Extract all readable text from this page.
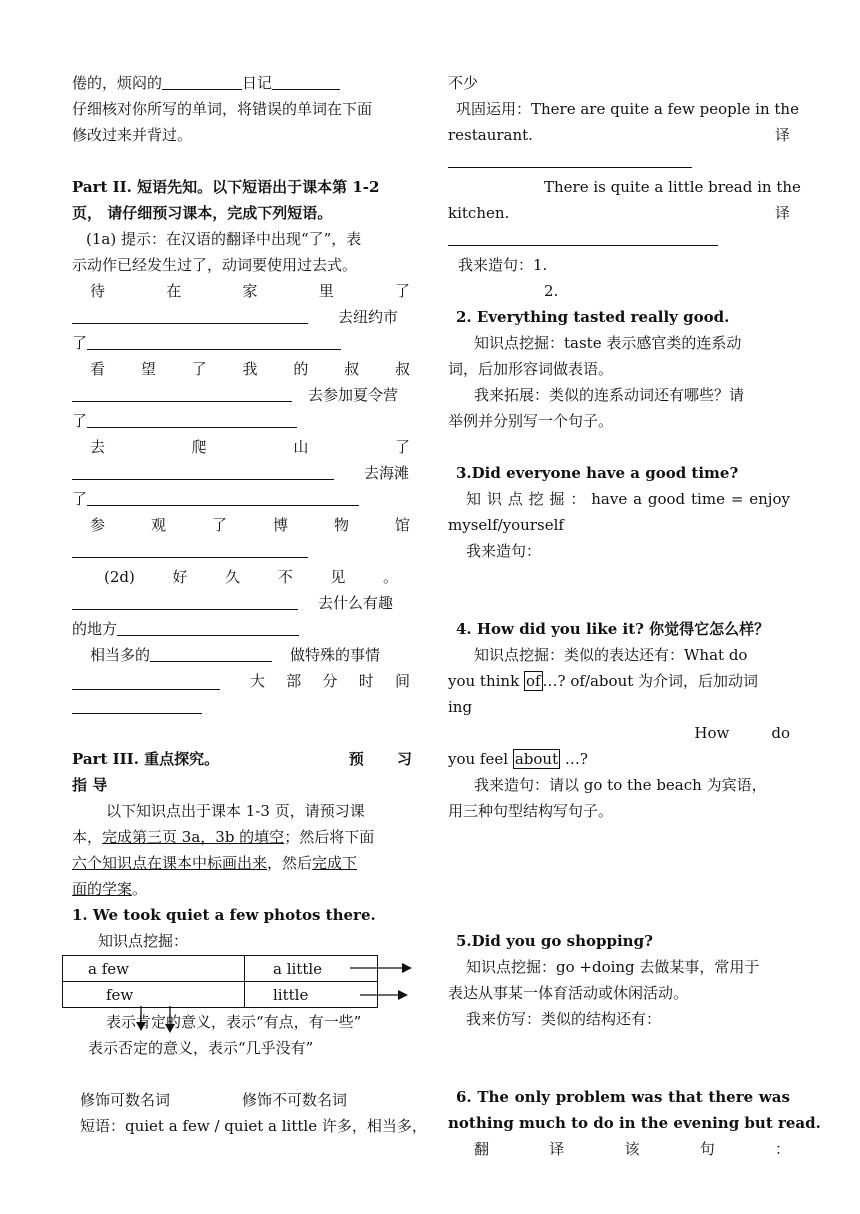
倦的，烦闷的	日记
仔细核对你所写的单词，将错误的单词在下面
修改过来并背过。
Part II. 短语先知。以下短语出于课本第 1-2
页， 请仔细预习课本，完成下列短语。
(1a) 提示：在汉语的翻译中出现“了”，表
示动作已经发生过了，动词要使用过去式。
待	在	家	里	了
去纽约市
了
看 望 了 我 的 叔 叔
去参加夏令营
了
去	爬	山	了
去海滩
了
参	观	了	博	物	馆
(2d)	好	久	不	见	。
去什么有趣
的地方
相当多的	做特殊的事情
大 部 分 时 间
Part III. 重点探究。	预 习
指 导
以下知识点出于课本 1-3 页，请预习课
本，完成第三页 3a，3b 的填空；然后将下面
六个知识点在课本中标画出来，然后完成下
面的学案。
1. We took quiet a few photos there.
知识点挖掘：
a few	a little
few	little
表示肯定的意义，表示“有点，有一些”
表示否定的意义，表示“几乎没有”
修饰可数名词	修饰不可数名词
短语：quiet a few / quiet a little 许多，相当多，
不少
巩固运用：There are quite a few people in the
restaurant.	译
There is quite a little bread in the
kitchen.	译
我来造句：1.
2.
2. Everything tasted really good.
知识点挖掘：taste 表示感官类的连系动
词，后加形容词做表语。
我来拓展：类似的连系动词还有哪些？请
举例并分别写一个句子。
3.Did everyone have a good time?
知 识 点 挖 掘 ： have a good time = enjoy
myself/yourself
我来造句：
4. How did you like it? 你觉得它怎么样？
知识点挖掘：类似的表达还有：What do
you think of …? of/about 为介词，后加动词
ing
How	do
you feel about …?
我来造句：请以 go to the beach 为宾语，
用三种句型结构写句子。
5.Did you go shopping?
知识点挖掘：go +doing 去做某事，常用于
表达从事某一体育活动或休闲活动。
我来仿写：类似的结构还有：
6. The only problem was that there was
nothing much to do in the evening but read.
翻	译	该	句	：
